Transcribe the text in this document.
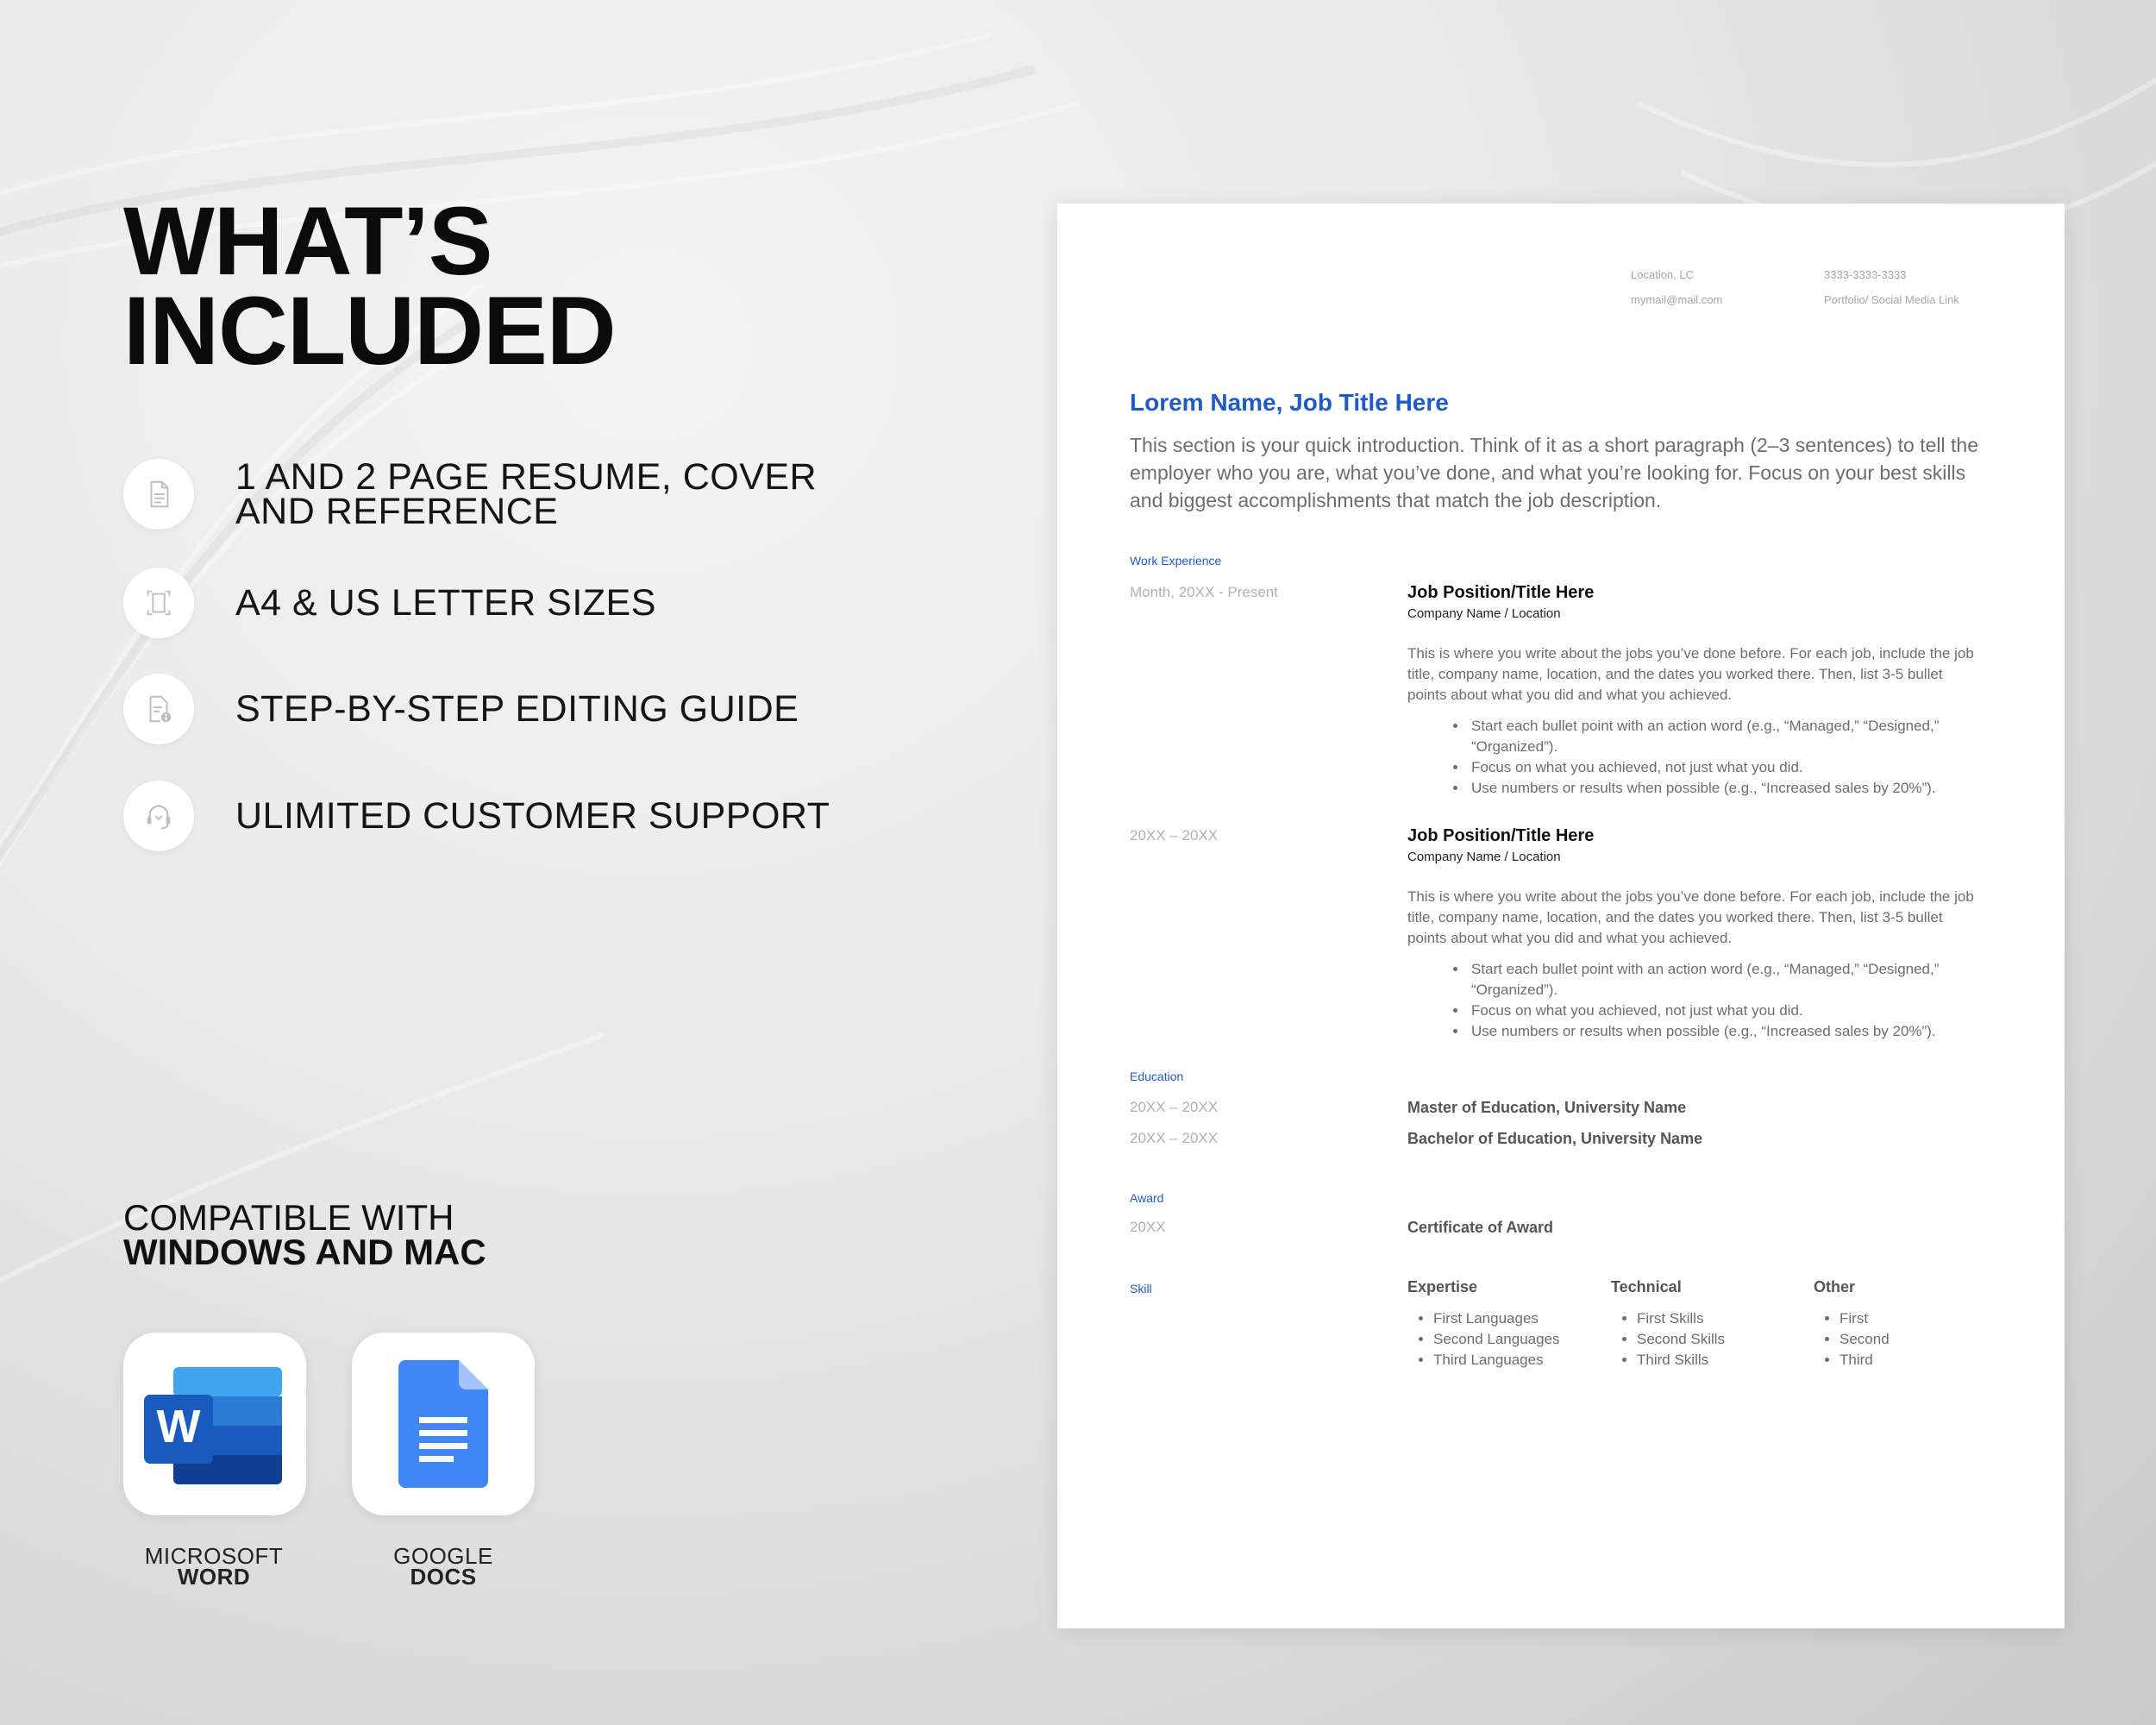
WHAT’S
INCLUDED
1 AND 2 PAGE RESUME, COVER
AND REFERENCE
A4 & US LETTER SIZES
STEP-BY-STEP EDITING GUIDE
ULIMITED CUSTOMER SUPPORT
COMPATIBLE WITH
WINDOWS AND MAC
W
MICROSOFT
WORD
GOOGLE
DOCS
Location, LC
mymail@mail.com
3333-3333-3333
Portfolio/ Social Media Link
Lorem Name, Job Title Here
This section is your quick introduction. Think of it as a short paragraph (2–3 sentences) to tell the employer who you are, what you’ve done, and what you’re looking for. Focus on your best skills and biggest accomplishments that match the job description.
Work Experience
Month, 20XX - Present	Job Position/Title Here
Company Name / Location
This is where you write about the jobs you’ve done before. For each job, include the job title, company name, location, and the dates you worked there. Then, list 3-5 bullet points about what you did and what you achieved.
• Start each bullet point with an action word (e.g., “Managed,” “Designed,” “Organized”).
• Focus on what you achieved, not just what you did.
• Use numbers or results when possible (e.g., “Increased sales by 20%”).
20XX – 20XX	Job Position/Title Here
Company Name / Location
This is where you write about the jobs you’ve done before. For each job, include the job title, company name, location, and the dates you worked there. Then, list 3-5 bullet points about what you did and what you achieved.
• Start each bullet point with an action word (e.g., “Managed,” “Designed,” “Organized”).
• Focus on what you achieved, not just what you did.
• Use numbers or results when possible (e.g., “Increased sales by 20%”).
Education
20XX – 20XX	Master of Education, University Name
20XX – 20XX	Bachelor of Education, University Name
Award
20XX	Certificate of Award
Skill	Expertise
• First Languages
• Second Languages
• Third Languages
Technical
• First Skills
• Second Skills
• Third Skills
Other
• First
• Second
• Third
